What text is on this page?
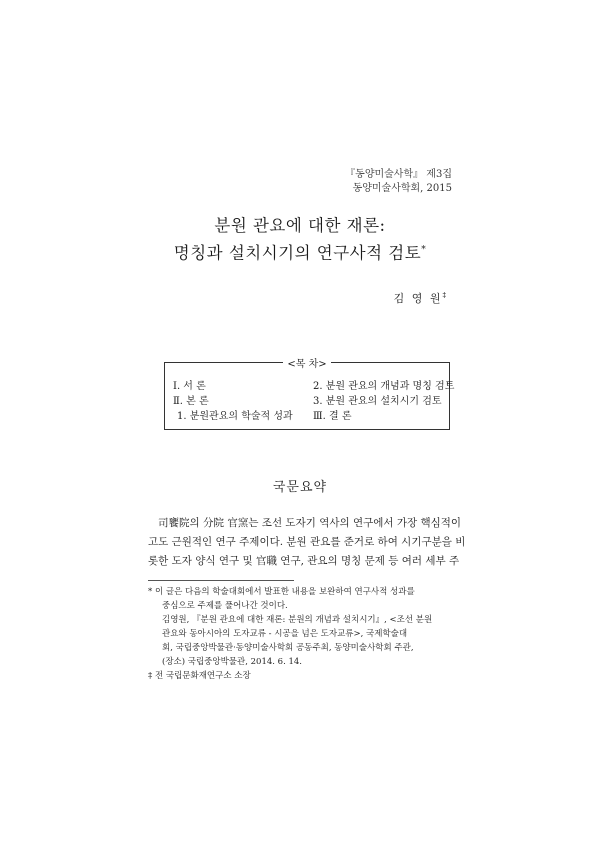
『동양미술사학』 제3집
동양미술사학회, 2015
분원 관요에 대한 재론:
명칭과 설치시기의 연구사적 검토*
김 영 원‡
<목 차>
Ⅰ. 서 론
Ⅱ. 본 론
1. 분원관요의 학술적 성과
2. 분원 관요의 개념과 명칭 검토
3. 분원 관요의 설치시기 검토
Ⅲ. 결 론
국문요약
司饔院의 分院 官窯는 조선 도자기 역사의 연구에서 가장 핵심적이
고도 근원적인 연구 주제이다. 분원 관요를 준거로 하여 시기구분을 비
롯한 도자 양식 연구 및 官職 연구, 관요의 명칭 문제 등 여러 세부 주
* 이 글은 다음의 학술대회에서 발표한 내용을 보완하여 연구사적 성과를
중심으로 주제를 풀어나간 것이다.
김영원, 『분원 관요에 대한 재론: 분원의 개념과 설치시기』, <조선 분원
관요와 동아시아의 도자교류 - 시공을 넘은 도자교류>, 국제학술대
회, 국립중앙박물관·동양미술사학회 공동주최, 동양미술사학회 주관,
(장소) 국립중앙박물관, 2014. 6. 14.
‡ 전 국립문화재연구소 소장
